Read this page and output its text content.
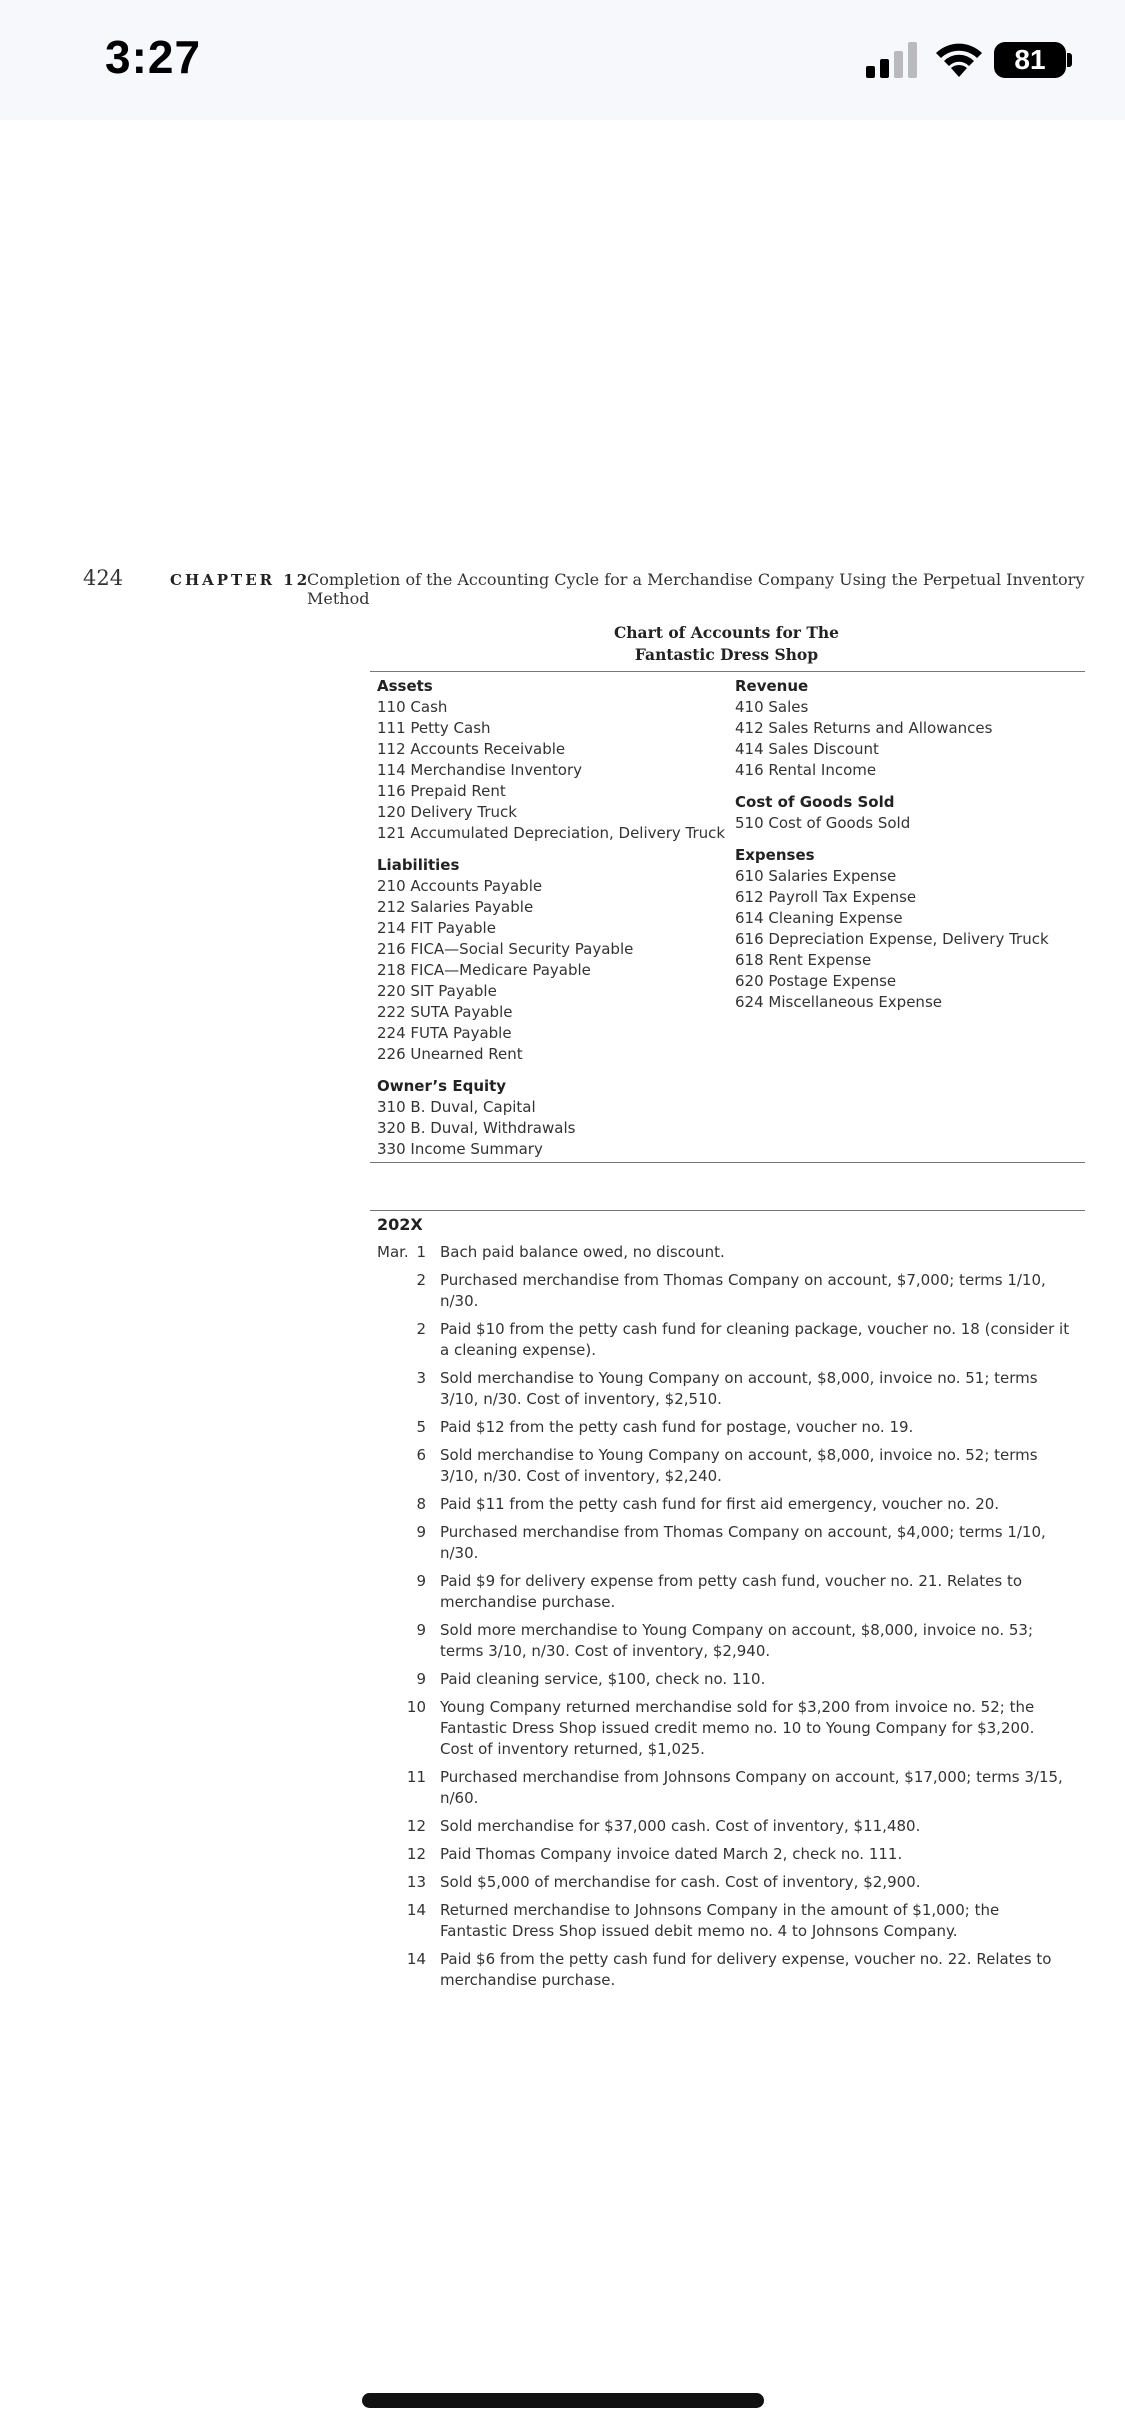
3:27	81
424	CHAPTER 12
Completion of the Accounting Cycle for a Merchandise Company Using the Perpetual Inventory Method
Chart of Accounts for The
Fantastic Dress Shop
Assets
110 Cash
111 Petty Cash
112 Accounts Receivable
114 Merchandise Inventory
116 Prepaid Rent
120 Delivery Truck
121 Accumulated Depreciation, Delivery Truck
Liabilities
210 Accounts Payable
212 Salaries Payable
214 FIT Payable
216 FICA—Social Security Payable
218 FICA—Medicare Payable
220 SIT Payable
222 SUTA Payable
224 FUTA Payable
226 Unearned Rent
Owner’s Equity
310 B. Duval, Capital
320 B. Duval, Withdrawals
330 Income Summary
Revenue
410 Sales
412 Sales Returns and Allowances
414 Sales Discount
416 Rental Income
Cost of Goods Sold
510 Cost of Goods Sold
Expenses
610 Salaries Expense
612 Payroll Tax Expense
614 Cleaning Expense
616 Depreciation Expense, Delivery Truck
618 Rent Expense
620 Postage Expense
624 Miscellaneous Expense
202X
Mar. 1 Bach paid balance owed, no discount.
2 Purchased merchandise from Thomas Company on account, $7,000; terms 1/10, n/30.
2 Paid $10 from the petty cash fund for cleaning package, voucher no. 18 (consider it a cleaning expense).
3 Sold merchandise to Young Company on account, $8,000, invoice no. 51; terms 3/10, n/30. Cost of inventory, $2,510.
5 Paid $12 from the petty cash fund for postage, voucher no. 19.
6 Sold merchandise to Young Company on account, $8,000, invoice no. 52; terms 3/10, n/30. Cost of inventory, $2,240.
8 Paid $11 from the petty cash fund for first aid emergency, voucher no. 20.
9 Purchased merchandise from Thomas Company on account, $4,000; terms 1/10, n/30.
9 Paid $9 for delivery expense from petty cash fund, voucher no. 21. Relates to merchandise purchase.
9 Sold more merchandise to Young Company on account, $8,000, invoice no. 53; terms 3/10, n/30. Cost of inventory, $2,940.
9 Paid cleaning service, $100, check no. 110.
10 Young Company returned merchandise sold for $3,200 from invoice no. 52; the Fantastic Dress Shop issued credit memo no. 10 to Young Company for $3,200. Cost of inventory returned, $1,025.
11 Purchased merchandise from Johnsons Company on account, $17,000; terms 3/15, n/60.
12 Sold merchandise for $37,000 cash. Cost of inventory, $11,480.
12 Paid Thomas Company invoice dated March 2, check no. 111.
13 Sold $5,000 of merchandise for cash. Cost of inventory, $2,900.
14 Returned merchandise to Johnsons Company in the amount of $1,000; the Fantastic Dress Shop issued debit memo no. 4 to Johnsons Company.
14 Paid $6 from the petty cash fund for delivery expense, voucher no. 22. Relates to merchandise purchase.
